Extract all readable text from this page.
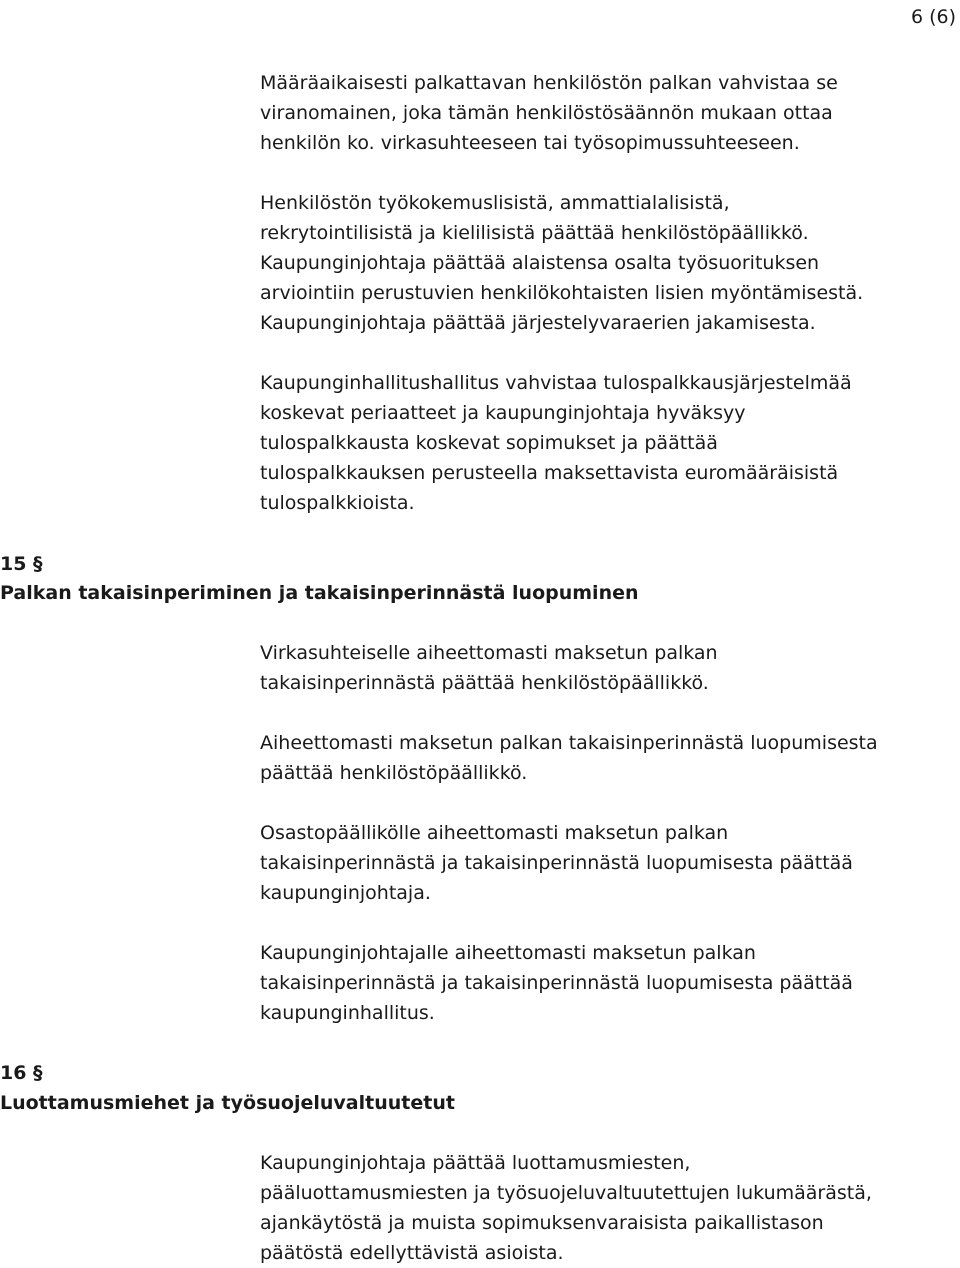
6 (6)

Määräaikaisesti palkattavan henkilöstön palkan vahvistaa se
viranomainen, joka tämän henkilöstösäännön mukaan ottaa
henkilön ko. virkasuhteeseen tai työsopimussuhteeseen.

Henkilöstön työkokemuslisistä, ammattialalisistä,
rekrytointilisistä ja kielilisistä päättää henkilöstöpäällikkö.
Kaupunginjohtaja päättää alaistensa osalta työsuorituksen
arviointiin perustuvien henkilökohtaisten lisien myöntämisestä.
Kaupunginjohtaja päättää järjestelyvaraerien jakamisesta.

Kaupunginhallitushallitus vahvistaa tulospalkkausjärjestelmää
koskevat periaatteet ja kaupunginjohtaja hyväksyy
tulospalkkausta koskevat sopimukset ja päättää
tulospalkkauksen perusteella maksettavista euromääräisistä
tulospalkkioista.

15 §
Palkan takaisinperiminen ja takaisinperinnästä luopuminen

Virkasuhteiselle aiheettomasti maksetun palkan
takaisinperinnästä päättää henkilöstöpäällikkö.

Aiheettomasti maksetun palkan takaisinperinnästä luopumisesta
päättää henkilöstöpäällikkö.

Osastopäällikölle aiheettomasti maksetun palkan
takaisinperinnästä ja takaisinperinnästä luopumisesta päättää
kaupunginjohtaja.

Kaupunginjohtajalle aiheettomasti maksetun palkan
takaisinperinnästä ja takaisinperinnästä luopumisesta päättää
kaupunginhallitus.

16 §
Luottamusmiehet ja työsuojeluvaltuutetut

Kaupunginjohtaja päättää luottamusmiesten,
pääluottamusmiesten ja työsuojeluvaltuutettujen lukumäärästä,
ajankäytöstä ja muista sopimuksenvaraisista paikallistason
päätöstä edellyttävistä asioista.
